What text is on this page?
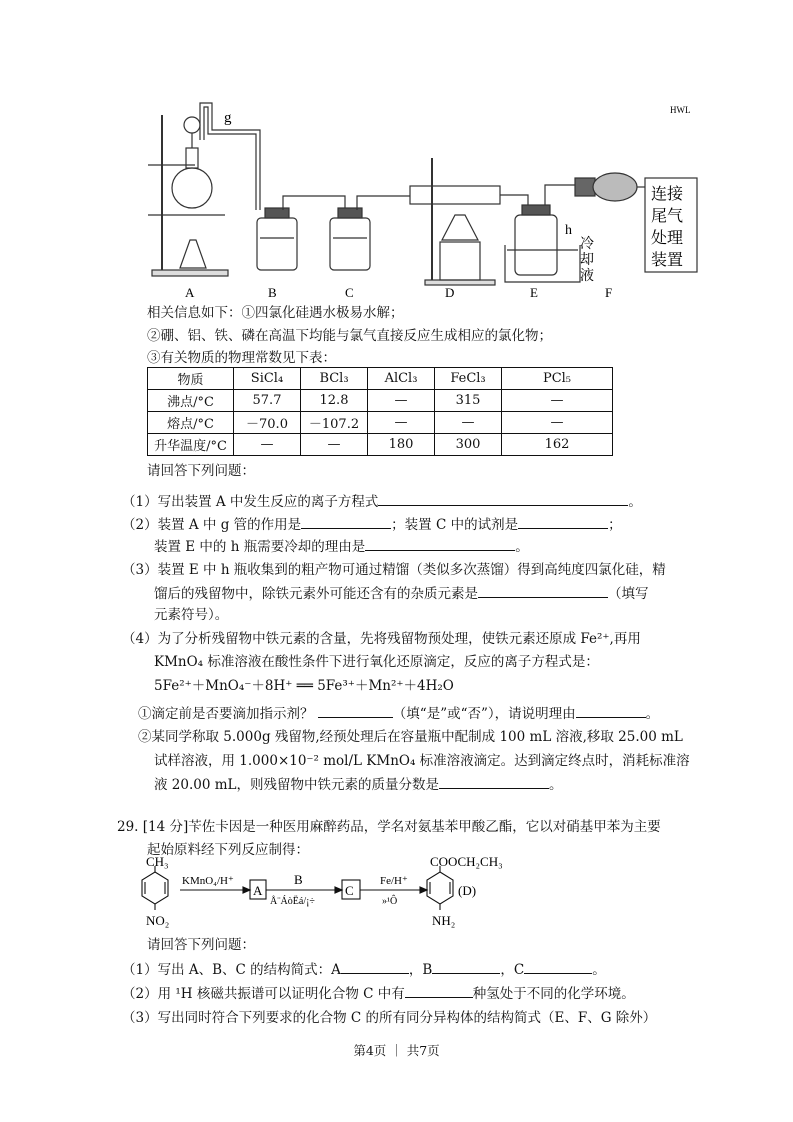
g
h
HWL
冷
却
液
连接
尾气
处理
装置
A	B	C	D	E	F
相关信息如下：①四氯化硅遇水极易水解；
②硼、铝、铁、磷在高温下均能与氯气直接反应生成相应的氯化物；
③有关物质的物理常数见下表：
物质	SiCl₄	BCl₃	AlCl₃	FeCl₃	PCl₅
沸点/°C	57.7	12.8	—	315	—
熔点/°C	－70.0	－107.2	—	—	—
升华温度/°C	—	—	180	300	162
请回答下列问题：
（1）写出装置 A 中发生反应的离子方程式	。
（2）装置 A 中 g 管的作用是	；装置 C 中的试剂是	；
装置 E 中的 h 瓶需要冷却的理由是	。
（3）装置 E 中 h 瓶收集到的粗产物可通过精馏（类似多次蒸馏）得到高纯度四氯化硅，精
馏后的残留物中，除铁元素外可能还含有的杂质元素是	（填写
元素符号）。
（4）为了分析残留物中铁元素的含量，先将残留物预处理，使铁元素还原成 Fe²⁺,再用
KMnO₄ 标准溶液在酸性条件下进行氧化还原滴定，反应的离子方程式是：
5Fe²⁺＋MnO₄⁻＋8H⁺ ══ 5Fe³⁺＋Mn²⁺＋4H₂O
①滴定前是否要滴加指示剂？	（填“是”或“否”），请说明理由	。
②某同学称取 5.000g 残留物,经预处理后在容量瓶中配制成 100 mL 溶液,移取 25.00 mL
试样溶液，用 1.000×10⁻² mol/L KMnO₄ 标准溶液滴定。达到滴定终点时，消耗标准溶
液 20.00 mL，则残留物中铁元素的质量分数是	。
29. [14 分]苄佐卡因是一种医用麻醉药品，学名对氨基苯甲酸乙酯，它以对硝基甲苯为主要
起始原料经下列反应制得：
CH₃
NO₂
KMnO₄/H⁺
A
B
Å¨ÁòËá/¡÷
C
Fe/H⁺
»¹Ô
COOCH₂CH₃
NH₂
(D)
请回答下列问题：
（1）写出 A、B、C 的结构简式：A	，B	，C	。
（2）用 ¹H 核磁共振谱可以证明化合物 C 中有	种氢处于不同的化学环境。
（3）写出同时符合下列要求的化合物 C 的所有同分异构体的结构简式（E、F、G 除外）
第4页 ｜ 共7页
